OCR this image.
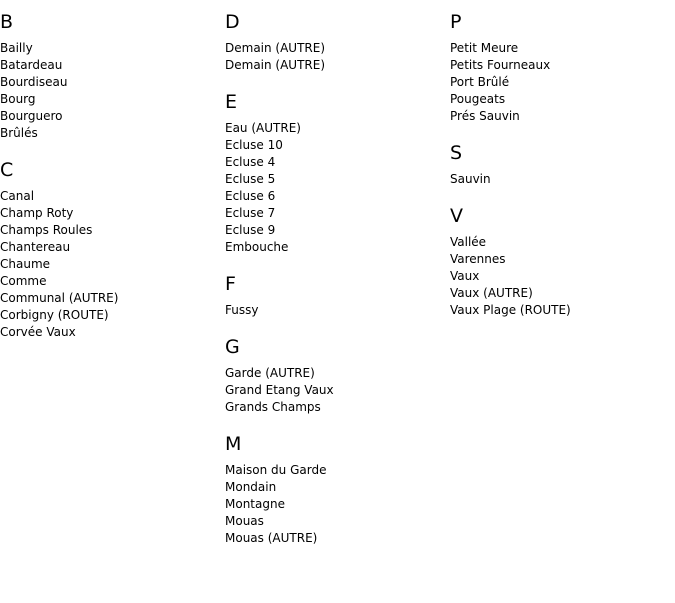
B
Bailly
Batardeau
Bourdiseau
Bourg
Bourguero
Brûlés
C
Canal
Champ Roty
Champs Roules
Chantereau
Chaume
Comme
Communal (AUTRE)
Corbigny (ROUTE)
Corvée Vaux
D
Demain (AUTRE)
Demain (AUTRE)
E
Eau (AUTRE)
Ecluse 10
Ecluse 4
Ecluse 5
Ecluse 6
Ecluse 7
Ecluse 9
Embouche
F
Fussy
G
Garde (AUTRE)
Grand Etang Vaux
Grands Champs
M
Maison du Garde
Mondain
Montagne
Mouas
Mouas (AUTRE)
P
Petit Meure
Petits Fourneaux
Port Brûlé
Pougeats
Prés Sauvin
S
Sauvin
V
Vallée
Varennes
Vaux
Vaux (AUTRE)
Vaux Plage (ROUTE)
